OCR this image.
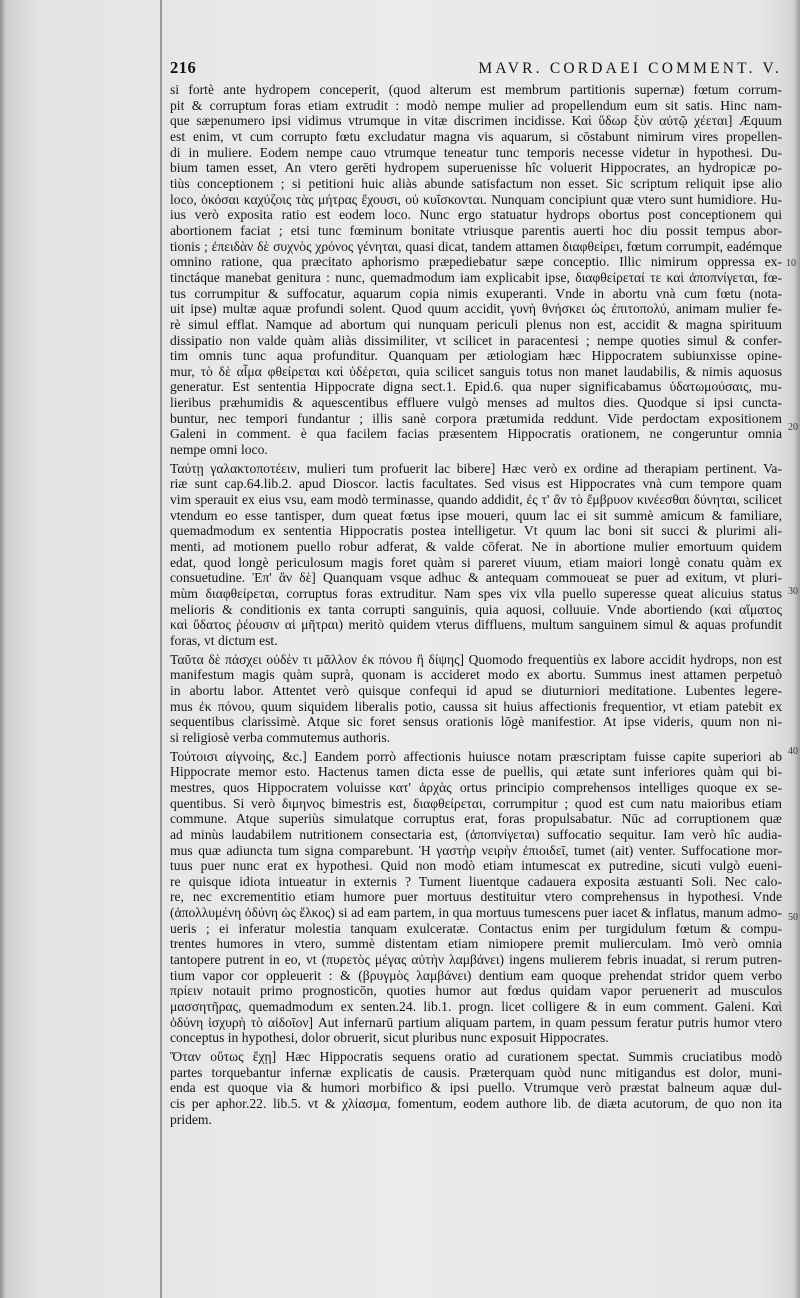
10
20
30
40
50
216	MAVR. CORDAEI COMMENT. V.
si fortè ante hydropem conceperit, (quod alterum est membrum partitionis supernæ) fœtum corrum-
pit & corruptum foras etiam extrudit : modò nempe mulier ad propellendum eum sit satis. Hinc nam-
que sæpenumero ipsi vidimus vtrumque in vitæ discrimen incidisse. Καὶ ὕδωρ ξὺν αὐτῷ χέεται] Æquum
est enim, vt cum corrupto fœtu excludatur magna vis aquarum, si cōstabunt nimirum vires propellen-
di in muliere. Eodem nempe cauo vtrumque teneatur tunc temporis necesse videtur in hypothesi. Du-
bium tamen esset, An vtero gerēti hydropem superuenisse hîc voluerit Hippocrates, an hydropicæ po-
tiùs conceptionem ; si petitioni huic aliàs abunde satisfactum non esset. Sic scriptum reliquit ipse alio
loco, ὁκόσαι καχύζοις τὰς μήτρας ἔχουσι, οὐ κυΐσκονται. Nunquam concipiunt quæ vtero sunt humidiore. Hu-
ius verò exposita ratio est eodem loco. Nunc ergo statuatur hydrops obortus post conceptionem qui
abortionem faciat ; etsi tunc fœminum bonitate vtriusque parentis auerti hoc diu possit tempus abor-
tionis ; ἐπειδὰν δὲ συχνὸς χρόνος γένηται, quasi dicat, tandem attamen διαφθείρει, fœtum corrumpit, eadémque
omnino ratione, qua præcitato aphorismo præpediebatur sæpe conceptio. Illic nimirum oppressa ex-
tinctáque manebat genitura : nunc, quemadmodum iam explicabit ipse, διαφθείρεταί τε καὶ ἀποπνίγεται, fœ-
tus corrumpitur & suffocatur, aquarum copia nimis exuperanti. Vnde in abortu vnà cum fœtu (nota-
uit ipse) multæ aquæ profundi solent. Quod quum accidit, γυνὴ θνήσκει ὡς ἐπιτοπολύ, animam mulier fe-
rè simul efflat. Namque ad abortum qui nunquam periculi plenus non est, accidit & magna spirituum
dissipatio non valde quàm aliàs dissimiliter, vt scilicet in paracentesi ; nempe quoties simul & confer-
tim omnis tunc aqua profunditur. Quanquam per ætiologiam hæc Hippocratem subiunxisse opine-
mur, τὸ δὲ αἷμα φθείρεται καὶ ὑδέρεται, quia scilicet sanguis totus non manet laudabilis, & nimis aquosus
generatur. Est sententia Hippocrate digna sect.1. Epid.6. qua nuper significabamus ὑδατωμούσαις, mu-
lieribus præhumidis & aquescentibus effluere vulgò menses ad multos dies. Quodque si ipsi cuncta-
buntur, nec tempori fundantur ; illis sanè corpora prætumida reddunt. Vide perdoctam expositionem
Galeni in comment. è qua facilem facias præsentem Hippocratis orationem, ne congeruntur omnia
nempe omni loco.
Ταύτῃ γαλακτοποτέειν, mulieri tum profuerit lac bibere] Hæc verò ex ordine ad therapiam pertinent. Va-
riæ sunt cap.64.lib.2. apud Dioscor. lactis facultates. Sed visus est Hippocrates vnà cum tempore quam
vim sperauit ex eius vsu, eam modò terminasse, quando addidit, ἐς τ' ἂν τὸ ἔμβρυον κινέεσθαι δύνηται, scilicet
vtendum eo esse tantisper, dum queat fœtus ipse moueri, quum lac ei sit summè amicum & familiare,
quemadmodum ex sententia Hippocratis postea intelligetur. Vt quum lac boni sit succi & plurimi ali-
menti, ad motionem puello robur adferat, & valde cōferat. Ne in abortione mulier emortuum quidem
edat, quod longè periculosum magis foret quàm si pareret viuum, etiam maiori longè conatu quàm ex
consuetudine. Ἐπ' ἂν δὲ] Quanquam vsque adhuc & antequam commoueat se puer ad exitum, vt pluri-
mùm διαφθείρεται, corruptus foras extruditur. Nam spes vix vlla puello superesse queat alicuius status
melioris & conditionis ex tanta corrupti sanguinis, quia aquosi, colluuie. Vnde abortiendo (καὶ αἵματος
καὶ ὕδατος ῥέουσιν αἱ μῆτραι) meritò quidem vterus diffluens, multum sanguinem simul & aquas profundit
foras, vt dictum est.
Ταῦτα δὲ πάσχει οὐδὲν τι μᾶλλον ἐκ πόνου ἢ δίψης] Quomodo frequentiùs ex labore accidit hydrops, non est
manifestum magis quàm suprà, quonam is accideret modo ex abortu. Summus inest attamen perpetuò
in abortu labor. Attentet verò quisque confequi id apud se diuturniori meditatione. Lubentes legere-
mus ἐκ πόνου, quum siquidem liberalis potio, caussa sit huius affectionis frequentior, vt etiam patebit ex
sequentibus clarissimè. Atque sic foret sensus orationis lōgè manifestior. At ipse videris, quum non ni-
si religiosè verba commutemus authoris.
Τούτοισι αἰγνοίης, &c.] Eandem porrò affectionis huiusce notam præscriptam fuisse capite superiori ab
Hippocrate memor esto. Hactenus tamen dicta esse de puellis, qui ætate sunt inferiores quàm qui bi-
mestres, quos Hippocratem voluisse κατ' ἀρχὰς ortus principio comprehensos intelliges quoque ex se-
quentibus. Si verò διμηνος bimestris est, διαφθείρεται, corrumpitur ; quod est cum natu maioribus etiam
commune. Atque superiùs simulatque corruptus erat, foras propulsabatur. Nūc ad corruptionem quæ
ad minùs laudabilem nutritionem consectaria est, (ἀποπνίγεται) suffocatio sequitur. Iam verò hîc audia-
mus quæ adiuncta tum signa comparebunt. Ἡ γαστὴρ νειρὴν ἐπιοιδεῖ, tumet (ait) venter. Suffocatione mor-
tuus puer nunc erat ex hypothesi. Quid non modò etiam intumescat ex putredine, sicuti vulgò eueni-
re quisque idiota intueatur in externis ? Tument liuentque cadauera exposita æstuanti Soli. Nec calo-
re, nec excrementitio etiam humore puer mortuus destituitur vtero comprehensus in hypothesi. Vnde
(ἀπολλυμένη ὀδύνη ὡς ἕλκος) si ad eam partem, in qua mortuus tumescens puer iacet & inflatus, manum admo-
ueris ; ei inferatur molestia tanquam exulceratæ. Contactus enim per turgidulum fœtum & compu-
trentes humores in vtero, summè distentam etiam nimiopere premit mulierculam. Imò verò omnia
tantopere putrent in eo, vt (πυρετὸς μέγας αὐτὴν λαμβάνει) ingens mulierem febris inuadat, si rerum putren-
tium vapor cor oppleuerit : & (βρυγμὸς λαμβάνει) dentium eam quoque prehendat stridor quem verbo
πρίειν notauit primo prognosticōn, quoties humor aut fœdus quidam vapor perueneriτ ad musculos
μασσητῆρας, quemadmodum ex senten.24. lib.1. progn. licet colligere & in eum comment. Galeni. Καὶ
ὀδύνη ἰσχυρὴ τὸ αἰδοῖον] Aut infernarū partium aliquam partem, in quam pessum feratur putris humor vtero
conceptus in hypothesi, dolor obruerit, sicut pluribus nunc exposuit Hippocrates.
Ὅταν οὕτως ἔχῃ] Hæc Hippocratis sequens oratio ad curationem spectat. Summis cruciatibus modò
partes torquebantur infernæ explicatis de causis. Præterquam quòd nunc mitigandus est dolor, muni-
enda est quoque via & humori morbifico & ipsi puello. Vtrumque verò præstat balneum aquæ dul-
cis per aphor.22. lib.5. vt & χλίασμα, fomentum, eodem authore lib. de diæta acutorum, de quo non ita
pridem.
